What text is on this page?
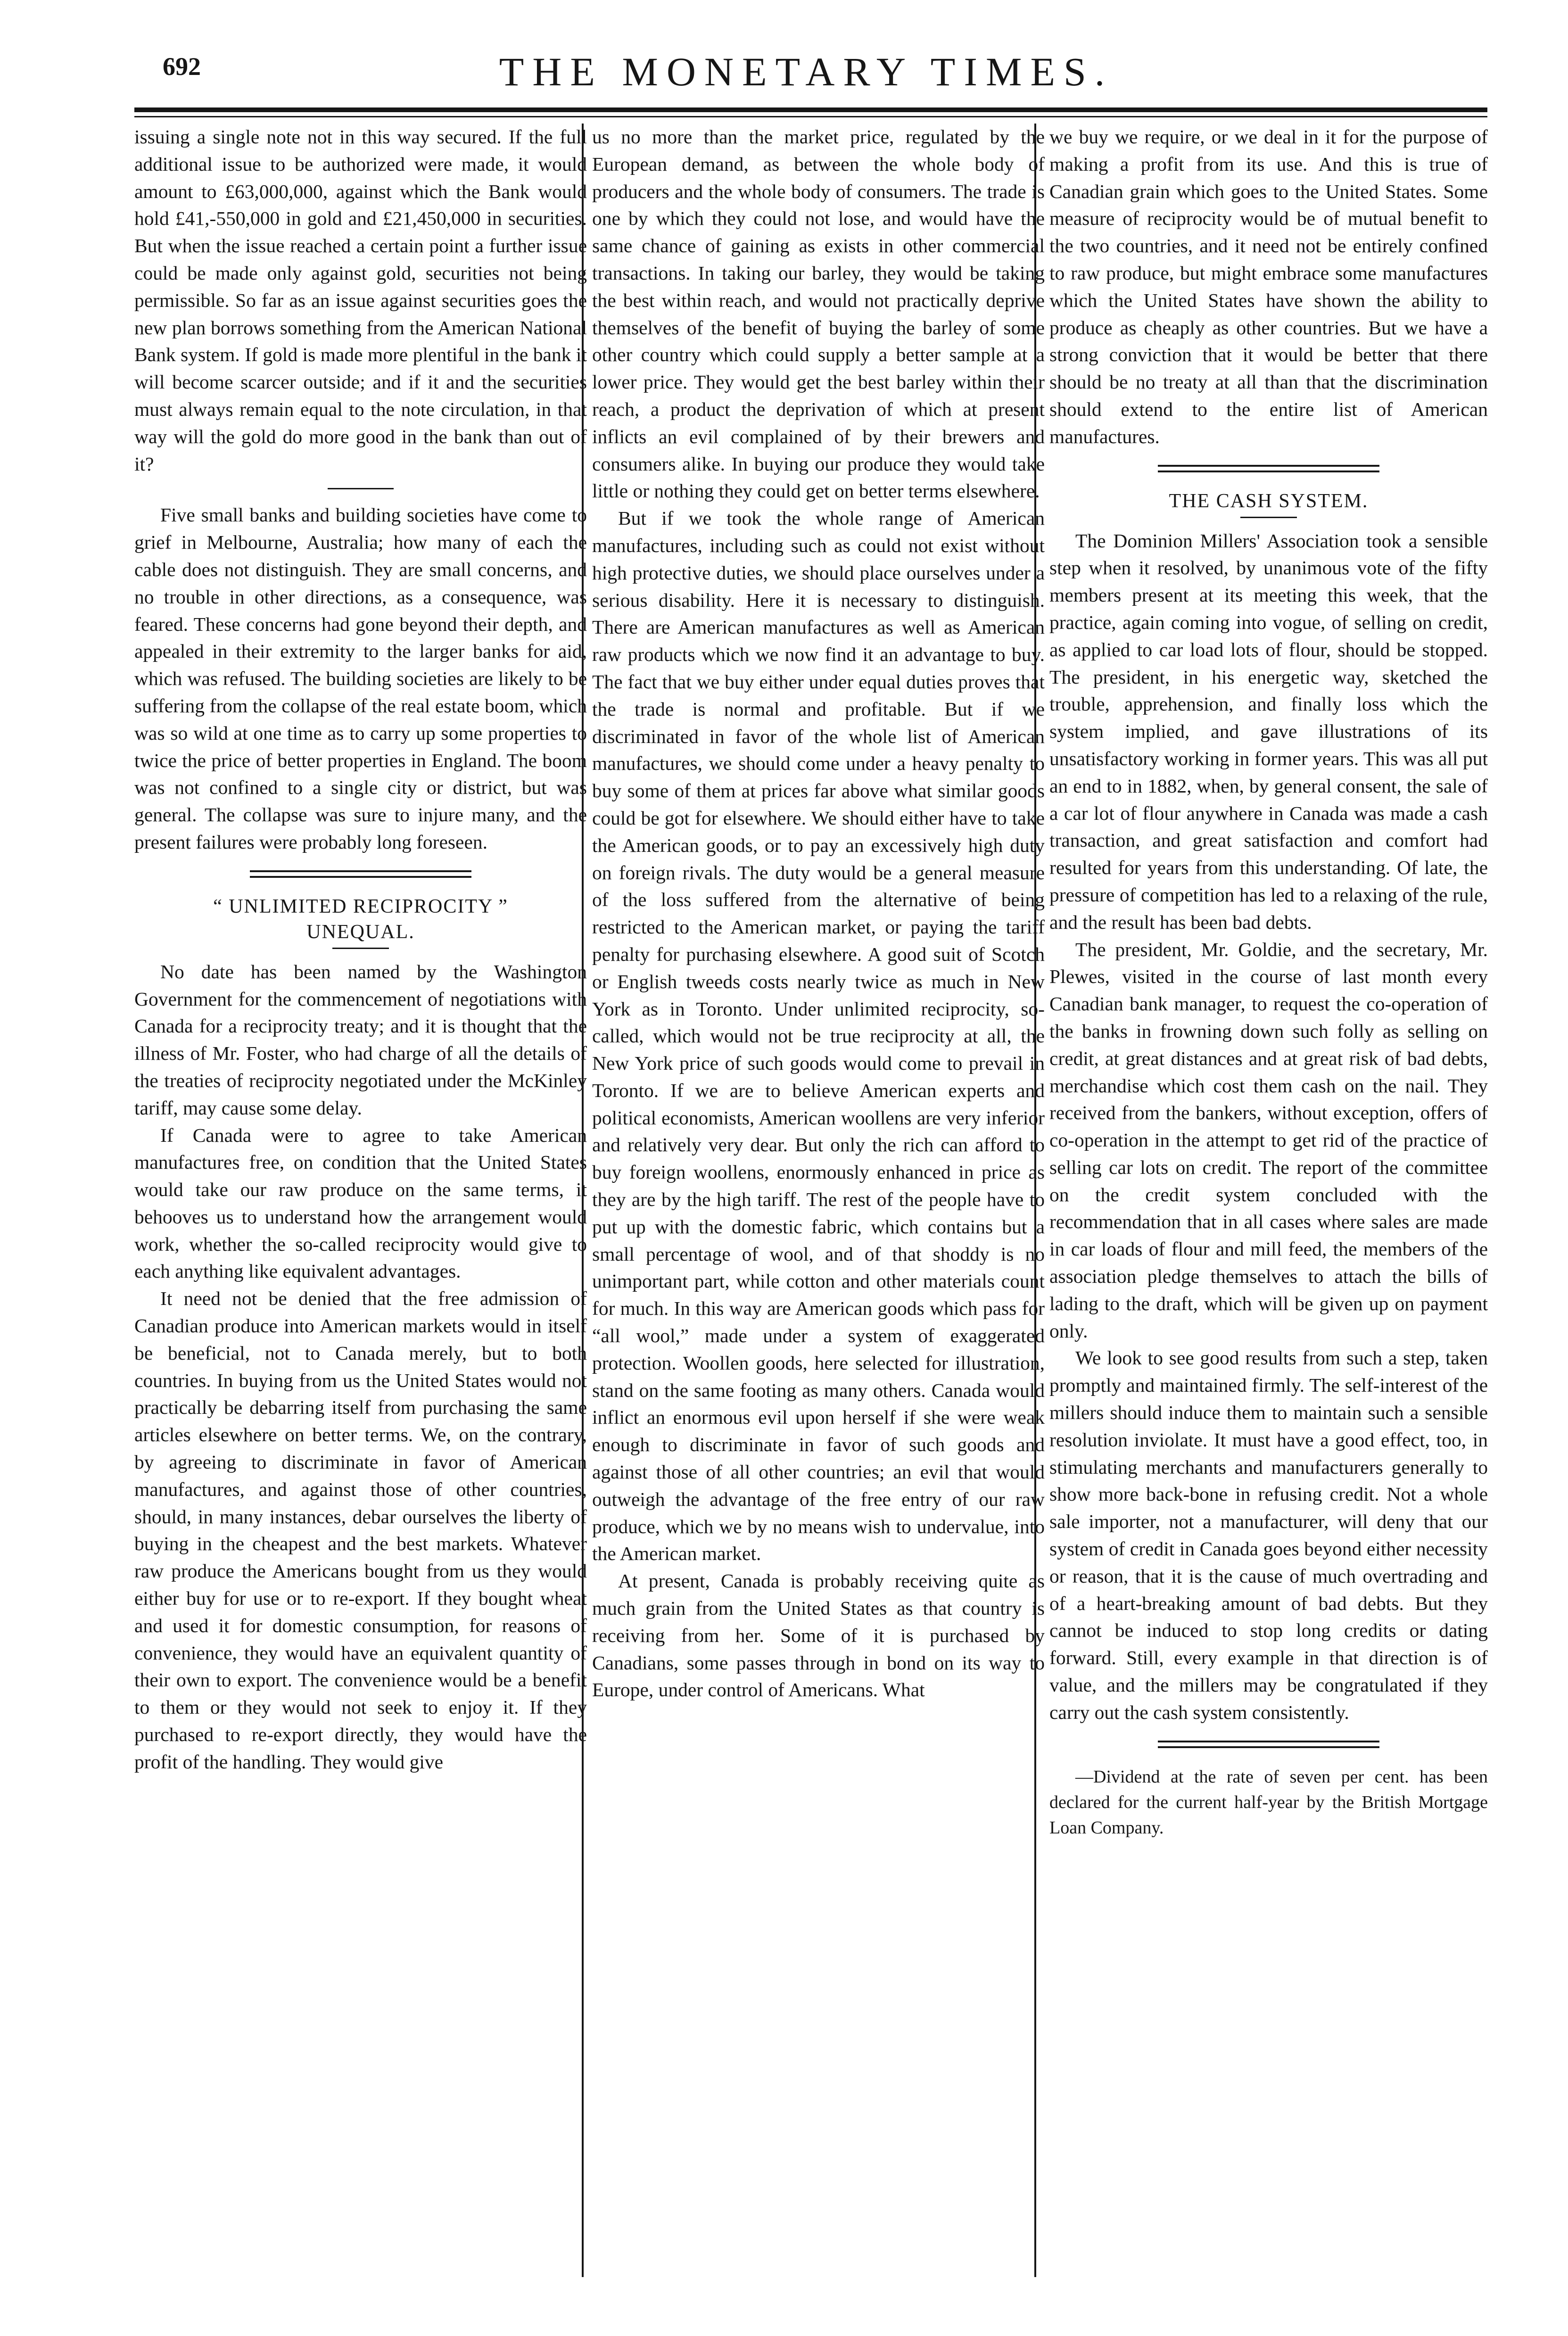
692	THE MONETARY TIMES.

issuing a single note not in this way secured. If the full additional issue to be authorized were made, it would amount to £63,000,000, against which the Bank would hold £41,-550,000 in gold and £21,450,000 in securities. But when the issue reached a certain point a further issue could be made only against gold, securities not being permissible. So far as an issue against securities goes the new plan borrows something from the American National Bank system. If gold is made more plentiful in the bank it will become scarcer outside; and if it and the securities must always remain equal to the note circulation, in that way will the gold do more good in the bank than out of it?

Five small banks and building societies have come to grief in Melbourne, Australia; how many of each the cable does not distinguish. They are small concerns, and no trouble in other directions, as a consequence, was feared. These concerns had gone beyond their depth, and appealed in their extremity to the larger banks for aid, which was refused. The building societies are likely to be suffering from the collapse of the real estate boom, which was so wild at one time as to carry up some properties to twice the price of better properties in England. The boom was not confined to a single city or district, but was general. The collapse was sure to injure many, and the present failures were probably long foreseen.

“ UNLIMITED RECIPROCITY ”
UNEQUAL.

No date has been named by the Washington Government for the commencement of negotiations with Canada for a reciprocity treaty; and it is thought that the illness of Mr. Foster, who had charge of all the details of the treaties of reciprocity negotiated under the McKinley tariff, may cause some delay.

If Canada were to agree to take American manufactures free, on condition that the United States would take our raw produce on the same terms, it behooves us to understand how the arrangement would work, whether the so-called reciprocity would give to each anything like equivalent advantages.

It need not be denied that the free admission of Canadian produce into American markets would in itself be beneficial, not to Canada merely, but to both countries. In buying from us the United States would not practically be debarring itself from purchasing the same articles elsewhere on better terms. We, on the contrary, by agreeing to discriminate in favor of American manufactures, and against those of other countries, should, in many instances, debar ourselves the liberty of buying in the cheapest and the best markets. Whatever raw produce the Americans bought from us they would either buy for use or to re-export. If they bought wheat and used it for domestic consumption, for reasons of convenience, they would have an equivalent quantity of their own to export. The convenience would be a benefit to them or they would not seek to enjoy it. If they purchased to re-export directly, they would have the profit of the handling. They would give

us no more than the market price, regulated by the European demand, as between the whole body of producers and the whole body of consumers. The trade is one by which they could not lose, and would have the same chance of gaining as exists in other commercial transactions. In taking our barley, they would be taking the best within reach, and would not practically deprive themselves of the benefit of buying the barley of some other country which could supply a better sample at a lower price. They would get the best barley within their reach, a product the deprivation of which at present inflicts an evil complained of by their brewers and consumers alike. In buying our produce they would take little or nothing they could get on better terms elsewhere.

But if we took the whole range of American manufactures, including such as could not exist without high protective duties, we should place ourselves under a serious disability. Here it is necessary to distinguish. There are American manufactures as well as American raw products which we now find it an advantage to buy. The fact that we buy either under equal duties proves that the trade is normal and profitable. But if we discriminated in favor of the whole list of American manufactures, we should come under a heavy penalty to buy some of them at prices far above what similar goods could be got for elsewhere. We should either have to take the American goods, or to pay an excessively high duty on foreign rivals. The duty would be a general measure of the loss suffered from the alternative of being restricted to the American market, or paying the tariff penalty for purchasing elsewhere. A good suit of Scotch or English tweeds costs nearly twice as much in New York as in Toronto. Under unlimited reciprocity, so-called, which would not be true reciprocity at all, the New York price of such goods would come to prevail in Toronto. If we are to believe American experts and political economists, American woollens are very inferior and relatively very dear. But only the rich can afford to buy foreign woollens, enormously enhanced in price as they are by the high tariff. The rest of the people have to put up with the domestic fabric, which contains but a small percentage of wool, and of that shoddy is no unimportant part, while cotton and other materials count for much. In this way are American goods which pass for “all wool,” made under a system of exaggerated protection. Woollen goods, here selected for illustration, stand on the same footing as many others. Canada would inflict an enormous evil upon herself if she were weak enough to discriminate in favor of such goods and against those of all other countries; an evil that would outweigh the advantage of the free entry of our raw produce, which we by no means wish to undervalue, into the American market.

At present, Canada is probably receiving quite as much grain from the United States as that country is receiving from her. Some of it is purchased by Canadians, some passes through in bond on its way to Europe, under control of Americans. What

we buy we require, or we deal in it for the purpose of making a profit from its use. And this is true of Canadian grain which goes to the United States. Some measure of reciprocity would be of mutual benefit to the two countries, and it need not be entirely confined to raw produce, but might embrace some manufactures which the United States have shown the ability to produce as cheaply as other countries. But we have a strong conviction that it would be better that there should be no treaty at all than that the discrimination should extend to the entire list of American manufactures.

THE CASH SYSTEM.

The Dominion Millers' Association took a sensible step when it resolved, by unanimous vote of the fifty members present at its meeting this week, that the practice, again coming into vogue, of selling on credit, as applied to car load lots of flour, should be stopped. The president, in his energetic way, sketched the trouble, apprehension, and finally loss which the system implied, and gave illustrations of its unsatisfactory working in former years. This was all put an end to in 1882, when, by general consent, the sale of a car lot of flour anywhere in Canada was made a cash transaction, and great satisfaction and comfort had resulted for years from this understanding. Of late, the pressure of competition has led to a relaxing of the rule, and the result has been bad debts.

The president, Mr. Goldie, and the secretary, Mr. Plewes, visited in the course of last month every Canadian bank manager, to request the co-operation of the banks in frowning down such folly as selling on credit, at great distances and at great risk of bad debts, merchandise which cost them cash on the nail. They received from the bankers, without exception, offers of co-operation in the attempt to get rid of the practice of selling car lots on credit. The report of the committee on the credit system concluded with the recommendation that in all cases where sales are made in car loads of flour and mill feed, the members of the association pledge themselves to attach the bills of lading to the draft, which will be given up on payment only.

We look to see good results from such a step, taken promptly and maintained firmly. The self-interest of the millers should induce them to maintain such a sensible resolution inviolate. It must have a good effect, too, in stimulating merchants and manufacturers generally to show more back-bone in refusing credit. Not a whole sale importer, not a manufacturer, will deny that our system of credit in Canada goes beyond either necessity or reason, that it is the cause of much overtrading and of a heart-breaking amount of bad debts. But they cannot be induced to stop long credits or dating forward. Still, every example in that direction is of value, and the millers may be congratulated if they carry out the cash system consistently.

—Dividend at the rate of seven per cent. has been declared for the current half-year by the British Mortgage Loan Company.
